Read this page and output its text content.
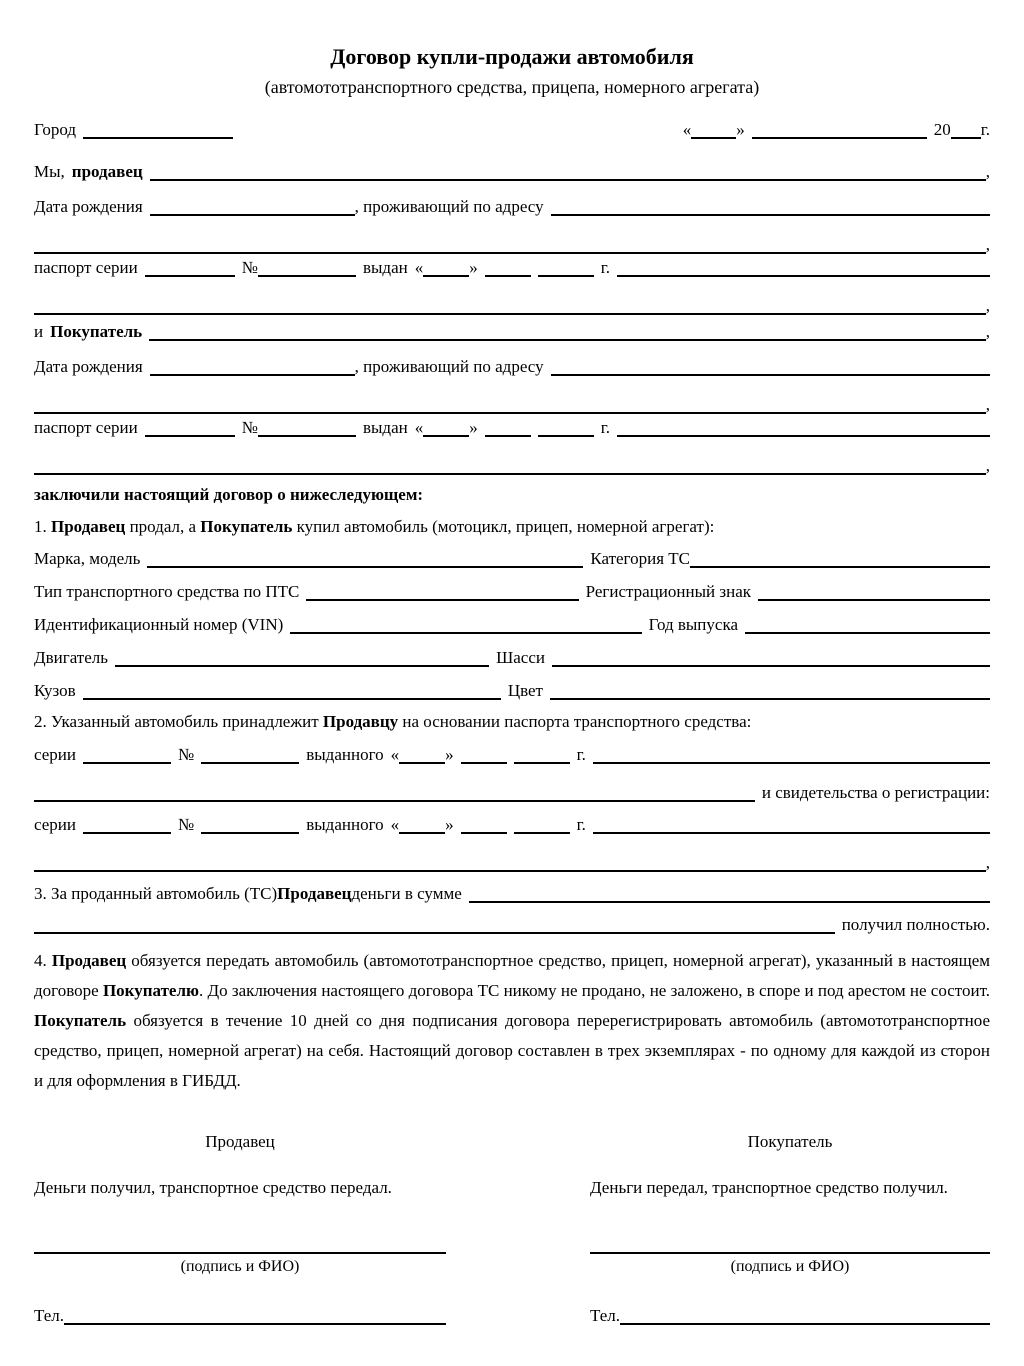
Договор купли-продажи автомобиля
(автомототранспортного средства, прицепа, номерного агрегата)
Город	«	»	20 г.
Мы, продавец	,
Дата рождения	, проживающий по адресу
,
паспорт серии	№	выдан «	»	г.
,
и Покупатель	,
Дата рождения	, проживающий по адресу
,
паспорт серии	№	выдан «	»	г.
,
заключили настоящий договор о нижеследующем:
1. Продавец продал, а Покупатель купил автомобиль (мотоцикл, прицеп, номерной агрегат):
Марка, модель	Категория ТС
Тип транспортного средства по ПТС	Регистрационный знак
Идентификационный номер (VIN)	Год выпуска
Двигатель	Шасси
Кузов	Цвет
2. Указанный автомобиль принадлежит Продавцу на основании паспорта транспортного средства:
серии	№	выданного «	»	г.
и свидетельства о регистрации:
серии	№	выданного «	»	г.
,
3. За проданный автомобиль (ТС) Продавец деньги в сумме
получил полностью.
4. Продавец обязуется передать автомобиль (автомототранспортное средство, прицеп, номерной агрегат), указанный в настоящем договоре Покупателю. До заключения настоящего договора ТС никому не продано, не заложено, в споре и под арестом не состоит. Покупатель обязуется в течение 10 дней со дня подписания договора перерегистрировать автомобиль (автомототранспортное средство, прицеп, номерной агрегат) на себя. Настоящий договор составлен в трех экземплярах - по одному для каждой из сторон и для оформления в ГИБДД.
Продавец
Деньги получил, транспортное средство передал.
(подпись и ФИО)
Тел.
Покупатель
Деньги передал, транспортное средство получил.
(подпись и ФИО)
Тел.
